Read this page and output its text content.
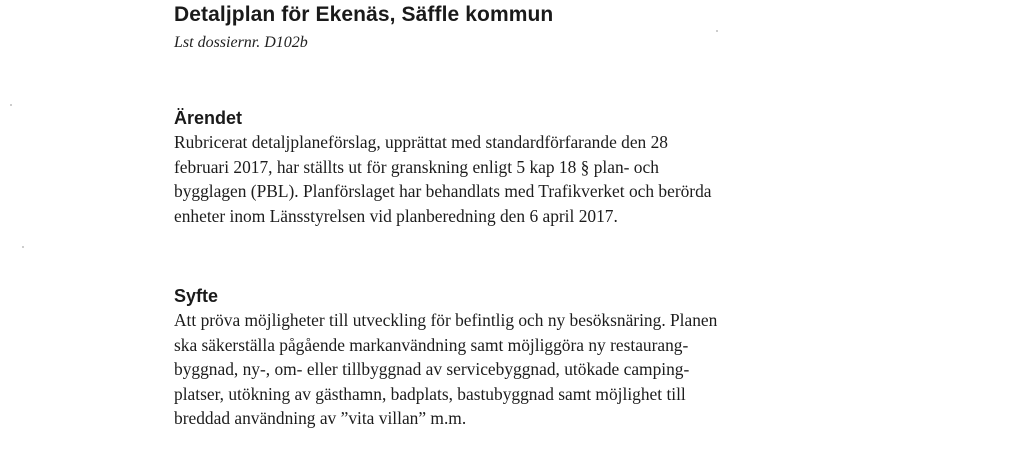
Detaljplan för Ekenäs, Säffle kommun

Lst dossiernr. D102b

Ärendet

Rubricerat detaljplaneförslag, upprättat med standardförfarande den 28
februari 2017, har ställts ut för granskning enligt 5 kap 18 § plan- och
bygglagen (PBL). Planförslaget har behandlats med Trafikverket och berörda
enheter inom Länsstyrelsen vid planberedning den 6 april 2017.

Syfte

Att pröva möjligheter till utveckling för befintlig och ny besöksnäring. Planen
ska säkerställa pågående markanvändning samt möjliggöra ny restaurang-
byggnad, ny-, om- eller tillbyggnad av servicebyggnad, utökade camping-
platser, utökning av gästhamn, badplats, bastubyggnad samt möjlighet till
breddad användning av ”vita villan” m.m.
